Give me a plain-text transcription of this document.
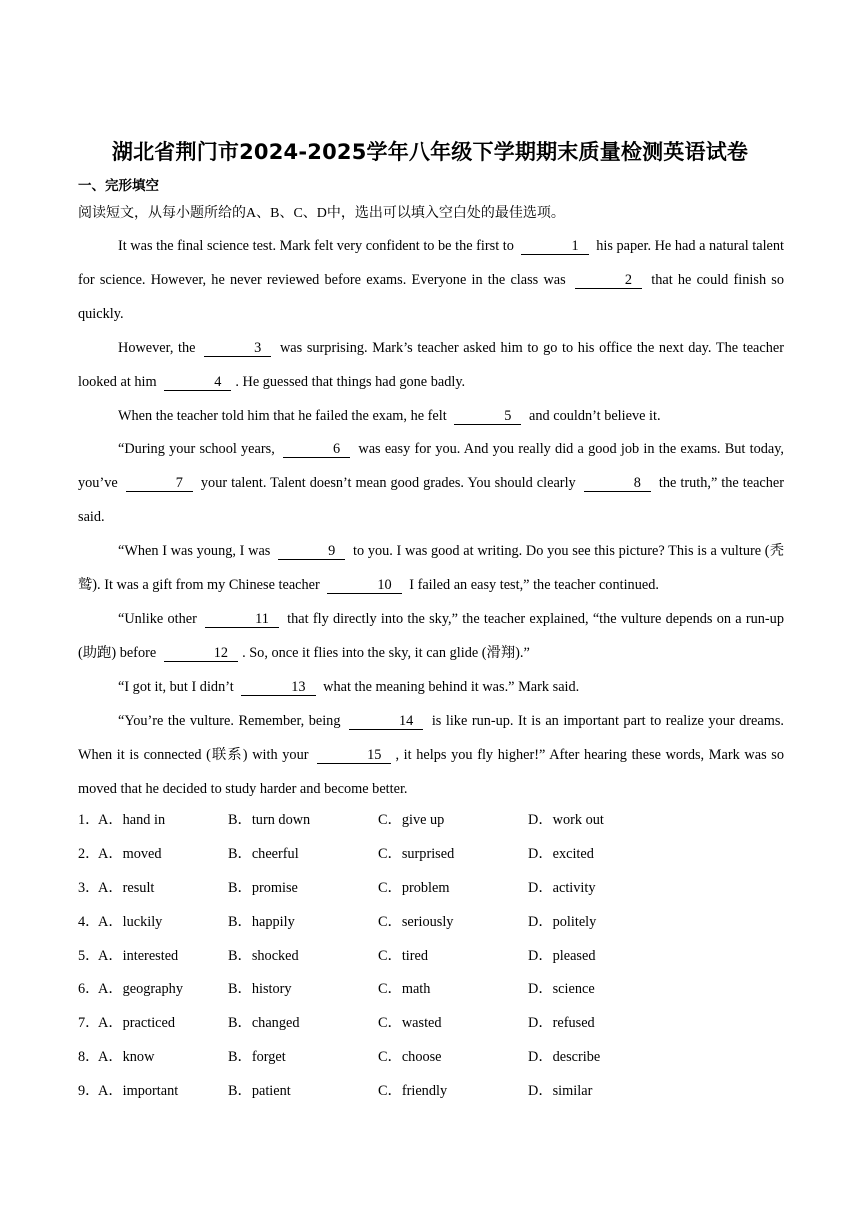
湖北省荆门市2024-2025学年八年级下学期期末质量检测英语试卷
一、完形填空
阅读短文，从每小题所给的A、B、C、D中，选出可以填入空白处的最佳选项。

It was the final science test. Mark felt very confident to be the first to	1 his paper. He had a natural talent for science. However, he never reviewed before exams. Everyone in the class was	2 that he could finish so quickly.

However, the	3 was surprising. Mark’s teacher asked him to go to his office the next day. The teacher looked at him	4 . He guessed that things had gone badly.

When the teacher told him that he failed the exam, he felt	5 and couldn’t believe it.

“During your school years,	6 was easy for you. And you really did a good job in the exams. But today, you’ve	7 your talent. Talent doesn’t mean good grades. You should clearly	8 the truth,” the teacher said.

“When I was young, I was	9 to you. I was good at writing. Do you see this picture? This is a vulture (秃鹫). It was a gift from my Chinese teacher	10 I failed an easy test,” the teacher continued.

“Unlike other	11 that fly directly into the sky,” the teacher explained, “the vulture depends on a run-up (助跑) before	12 . So, once it flies into the sky, it can glide (滑翔).”

“I got it, but I didn’t	13 what the meaning behind it was.” Mark said.

“You’re the vulture. Remember, being	14 is like run-up. It is an important part to realize your dreams. When it is connected (联系) with your	15 , it helps you fly higher!” After hearing these words, Mark was so moved that he decided to study harder and become better.

1．
A．hand in	B．turn down	C．give up	D．work out
2．
A．moved	B．cheerful	C．surprised	D．excited
3．
A．result	B．promise	C．problem	D．activity
4．
A．luckily	B．happily	C．seriously	D．politely
5．
A．interested	B．shocked	C．tired	D．pleased
6．
A．geography	B．history	C．math	D．science
7．
A．practiced	B．changed	C．wasted	D．refused
8．
A．know	B．forget	C．choose	D．describe
9．
A．important	B．patient	C．friendly	D．similar
